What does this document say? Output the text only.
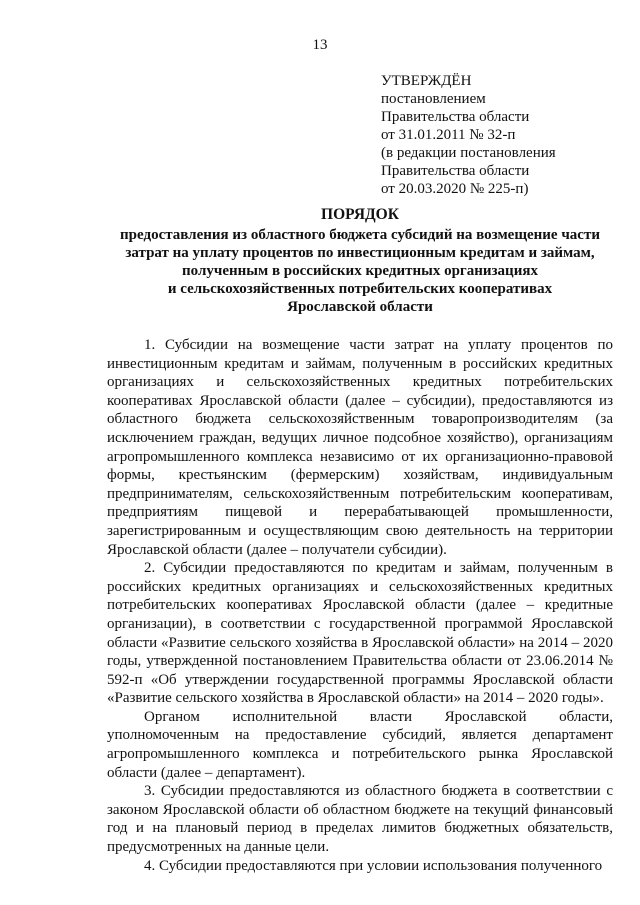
13
УТВЕРЖДЁН
постановлением
Правительства области
от 31.01.2011 № 32-п
(в редакции постановления
Правительства области
от 20.03.2020 № 225-п)
ПОРЯДОК
предоставления из областного бюджета субсидий на возмещение части
затрат на уплату процентов по инвестиционным кредитам и займам,
полученным в российских кредитных организациях
и сельскохозяйственных потребительских кооперативах
Ярославской области

1. Субсидии на возмещение части затрат на уплату процентов по инвестиционным кредитам и займам, полученным в российских кредитных организациях и сельскохозяйственных кредитных потребительских кооперативах Ярославской области (далее – субсидии), предоставляются из областного бюджета сельскохозяйственным товаропроизводителям (за исключением граждан, ведущих личное подсобное хозяйство), организациям агропромышленного комплекса независимо от их организационно-правовой формы, крестьянским (фермерским) хозяйствам, индивидуальным предпринимателям, сельскохозяйственным потребительским кооперативам, предприятиям пищевой и перерабатывающей промышленности, зарегистрированным и осуществляющим свою деятельность на территории Ярославской области (далее – получатели субсидии).

2. Субсидии предоставляются по кредитам и займам, полученным в российских кредитных организациях и сельскохозяйственных кредитных потребительских кооперативах Ярославской области (далее – кредитные организации), в соответствии с государственной программой Ярославской области «Развитие сельского хозяйства в Ярославской области» на 2014 – 2020 годы, утвержденной постановлением Правительства области от 23.06.2014 № 592-п «Об утверждении государственной программы Ярославской области «Развитие сельского хозяйства в Ярославской области» на 2014 – 2020 годы».

Органом исполнительной власти Ярославской области, уполномоченным на предоставление субсидий, является департамент агропромышленного комплекса и потребительского рынка Ярославской области (далее – департамент).

3. Субсидии предоставляются из областного бюджета в соответствии с законом Ярославской области об областном бюджете на текущий финансовый год и на плановый период в пределах лимитов бюджетных обязательств, предусмотренных на данные цели.

4. Субсидии предоставляются при условии использования полученного
